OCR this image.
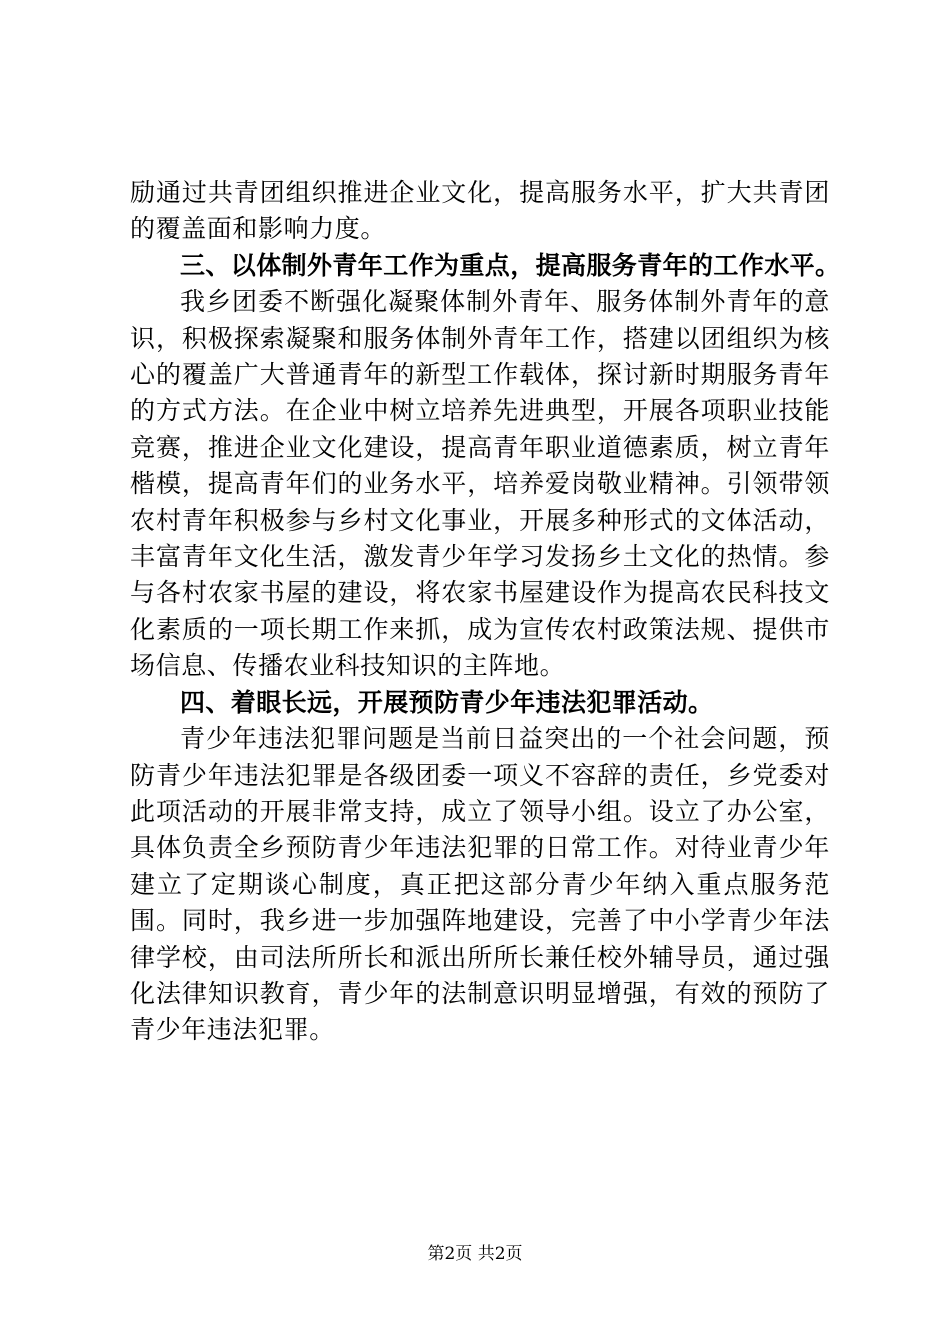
励通过共青团组织推进企业文化，提高服务水平，扩大共青团的覆盖面和影响力度。

三、以体制外青年工作为重点，提高服务青年的工作水平。

我乡团委不断强化凝聚体制外青年、服务体制外青年的意识，积极探索凝聚和服务体制外青年工作，搭建以团组织为核心的覆盖广大普通青年的新型工作载体，探讨新时期服务青年的方式方法。在企业中树立培养先进典型，开展各项职业技能竞赛，推进企业文化建设，提高青年职业道德素质，树立青年楷模，提高青年们的业务水平，培养爱岗敬业精神。引领带领农村青年积极参与乡村文化事业，开展多种形式的文体活动，丰富青年文化生活，激发青少年学习发扬乡土文化的热情。参与各村农家书屋的建设，将农家书屋建设作为提高农民科技文化素质的一项长期工作来抓，成为宣传农村政策法规、提供市场信息、传播农业科技知识的主阵地。

四、着眼长远，开展预防青少年违法犯罪活动。

青少年违法犯罪问题是当前日益突出的一个社会问题，预防青少年违法犯罪是各级团委一项义不容辞的责任，乡党委对此项活动的开展非常支持，成立了领导小组。设立了办公室，具体负责全乡预防青少年违法犯罪的日常工作。对待业青少年建立了定期谈心制度，真正把这部分青少年纳入重点服务范围。同时，我乡进一步加强阵地建设，完善了中小学青少年法律学校，由司法所所长和派出所所长兼任校外辅导员，通过强化法律知识教育，青少年的法制意识明显增强，有效的预防了青少年违法犯罪。

第2页 共2页
